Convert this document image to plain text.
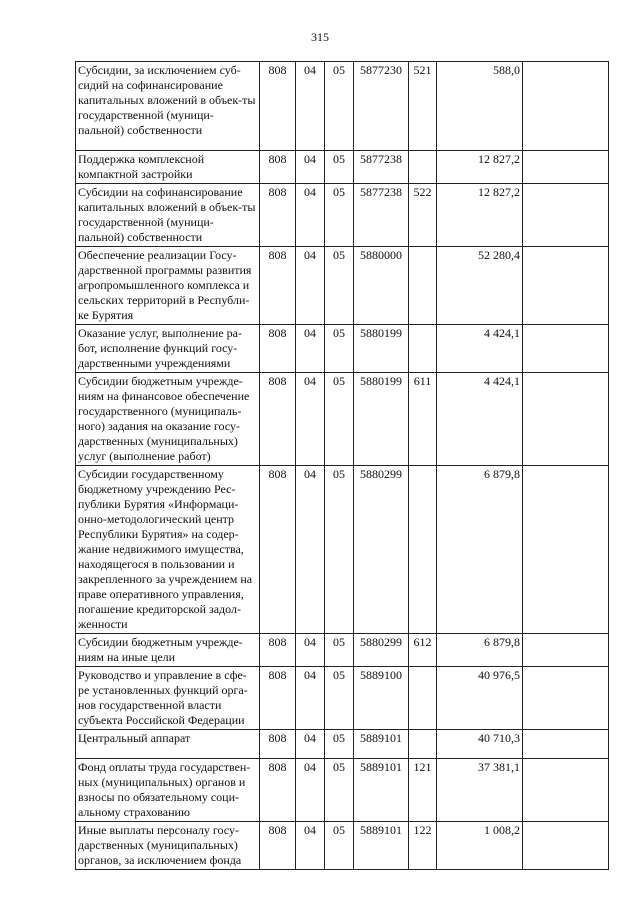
315
Субсидии, за исключением суб-сидий на софинансирование капитальных вложений в объек-ты государственной (муници-пальной) собственности	808	04	05	5877230	521	588,0	
Поддержка комплексной компактной застройки	808	04	05	5877238		12 827,2	
Субсидии на софинансирование капитальных вложений в объек-ты государственной (муници-пальной) собственности	808	04	05	5877238	522	12 827,2	
Обеспечение реализации Госу-дарственной программы развития агропромышленного комплекса и сельских территорий в Республи-ке Бурятия	808	04	05	5880000		52 280,4	
Оказание услуг, выполнение ра-бот, исполнение функций госу-дарственными учреждениями	808	04	05	5880199		4 424,1	
Субсидии бюджетным учрежде-ниям на финансовое обеспечение государственного (муниципаль-ного) задания на оказание госу-дарственных (муниципальных) услуг (выполнение работ)	808	04	05	5880199	611	4 424,1	
Субсидии государственному бюджетному учреждению Рес-публики Бурятия «Информаци-онно-методологический центр Республики Бурятия» на содер-жание недвижимого имущества, находящегося в пользовании и закрепленного за учреждением на праве оперативного управления, погашение кредиторской задол-женности	808	04	05	5880299		6 879,8	
Субсидии бюджетным учрежде-ниям на иные цели	808	04	05	5880299	612	6 879,8	
Руководство и управление в сфе-ре установленных функций орга-нов государственной власти субъекта Российской Федерации	808	04	05	5889100		40 976,5	
Центральный аппарат	808	04	05	5889101		40 710,3	
Фонд оплаты труда государствен-ных (муниципальных) органов и взносы по обязательному соци-альному страхованию	808	04	05	5889101	121	37 381,1	
Иные выплаты персоналу госу-дарственных (муниципальных) органов, за исключением фонда	808	04	05	5889101	122	1 008,2	
